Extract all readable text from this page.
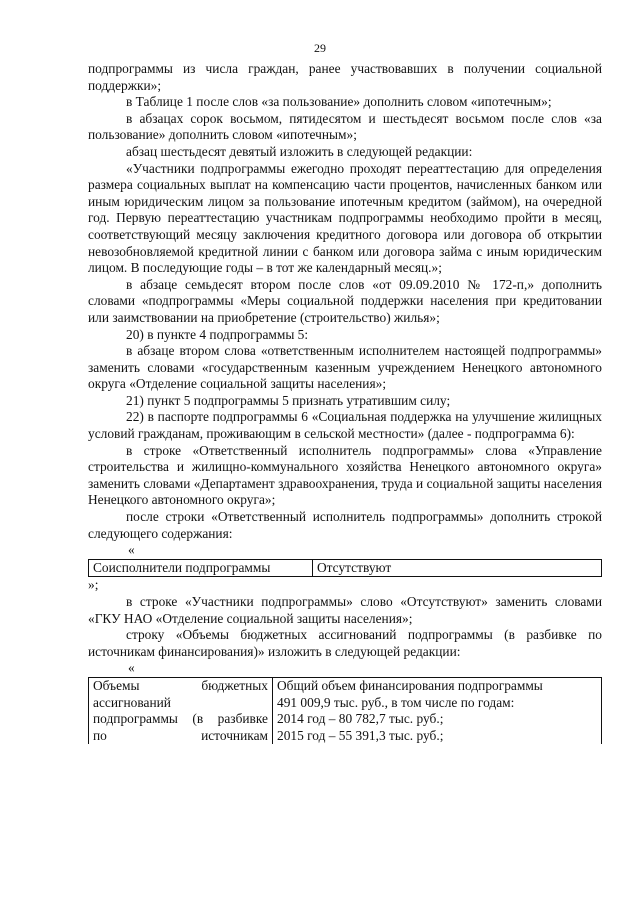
29

подпрограммы из числа граждан, ранее участвовавших в получении социальной поддержки»;

в Таблице 1 после слов «за пользование» дополнить словом «ипотечным»;

в абзацах сорок восьмом, пятидесятом и шестьдесят восьмом после слов «за пользование» дополнить словом «ипотечным»;

абзац шестьдесят девятый изложить в следующей редакции:

«Участники подпрограммы ежегодно проходят переаттестацию для определения размера социальных выплат на компенсацию части процентов, начисленных банком или иным юридическим лицом за пользование ипотечным кредитом (займом), на очередной год. Первую переаттестацию участникам подпрограммы необходимо пройти в месяц, соответствующий месяцу заключения кредитного договора или договора об открытии невозобновляемой кредитной линии с банком или договора займа с иным юридическим лицом. В последующие годы – в тот же календарный месяц.»;

в абзаце семьдесят втором после слов «от 09.09.2010 № 172-п,» дополнить словами «подпрограммы «Меры социальной поддержки населения при кредитовании или заимствовании на приобретение (строительство) жилья»;

20) в пункте 4 подпрограммы 5:

в абзаце втором слова «ответственным исполнителем настоящей подпрограммы» заменить словами «государственным казенным учреждением Ненецкого автономного округа «Отделение социальной защиты населения»;

21) пункт 5 подпрограммы 5 признать утратившим силу;

22) в паспорте подпрограммы 6 «Социальная поддержка на улучшение жилищных условий гражданам, проживающим в сельской местности» (далее - подпрограмма 6):

в строке «Ответственный исполнитель подпрограммы» слова «Управление строительства и жилищно-коммунального хозяйства Ненецкого автономного округа» заменить словами «Департамент здравоохранения, труда и социальной защиты населения Ненецкого автономного округа»;

после строки «Ответственный исполнитель подпрограммы» дополнить строкой следующего содержания:

«

Соисполнители подпрограммы	Отсутствуют

»;

в строке «Участники подпрограммы» слово «Отсутствуют» заменить словами «ГКУ НАО «Отделение социальной защиты населения»;

строку «Объемы бюджетных ассигнований подпрограммы (в разбивке по источникам финансирования)» изложить в следующей редакции:

«

Объемы бюджетных	Общий объем финансирования подпрограммы
ассигнований	491 009,9 тыс. руб., в том числе по годам:
подпрограммы (в разбивке	2014 год – 80 782,7 тыс. руб.;
по источникам	2015 год – 55 391,3 тыс. руб.;
